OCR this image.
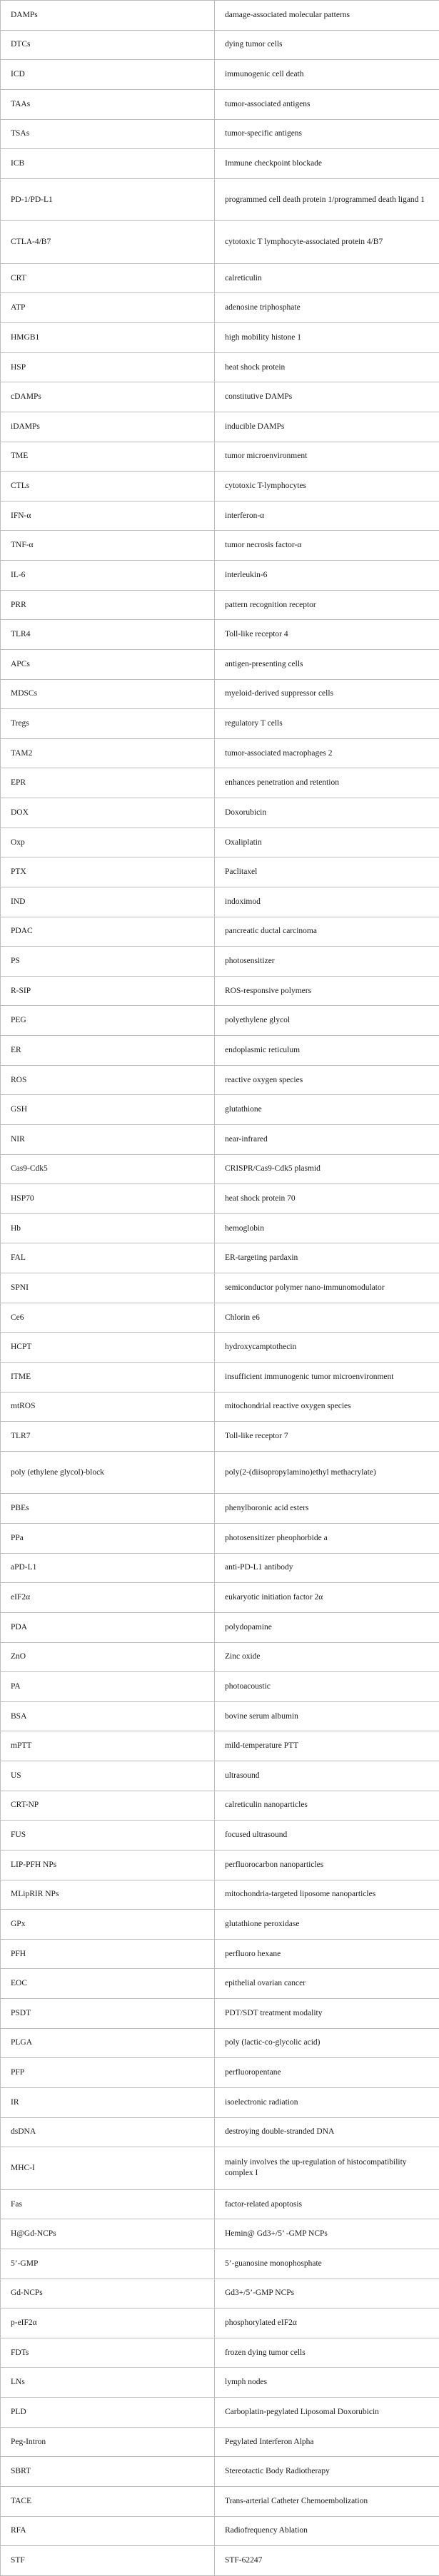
DAMPs	damage-associated molecular patterns
DTCs	dying tumor cells
ICD	immunogenic cell death
TAAs	tumor-associated antigens
TSAs	tumor-specific antigens
ICB	Immune checkpoint blockade
PD-1/PD-L1	programmed cell death protein 1/programmed death ligand 1
CTLA-4/B7	cytotoxic T lymphocyte-associated protein 4/B7
CRT	calreticulin
ATP	adenosine triphosphate
HMGB1	high mobility histone 1
HSP	heat shock protein
cDAMPs	constitutive DAMPs
iDAMPs	inducible DAMPs
TME	tumor microenvironment
CTLs	cytotoxic T-lymphocytes
IFN-α	interferon-α
TNF-α	tumor necrosis factor-α
IL-6	interleukin-6
PRR	pattern recognition receptor
TLR4	Toll-like receptor 4
APCs	antigen-presenting cells
MDSCs	myeloid-derived suppressor cells
Tregs	regulatory T cells
TAM2	tumor-associated macrophages 2
EPR	enhances penetration and retention
DOX	Doxorubicin
Oxp	Oxaliplatin
PTX	Paclitaxel
IND	indoximod
PDAC	pancreatic ductal carcinoma
PS	photosensitizer
R-SIP	ROS-responsive polymers
PEG	polyethylene glycol
ER	endoplasmic reticulum
ROS	reactive oxygen species
GSH	glutathione
NIR	near-infrared
Cas9-Cdk5	CRISPR/Cas9-Cdk5 plasmid
HSP70	heat shock protein 70
Hb	hemoglobin
FAL	ER-targeting pardaxin
SPNI	semiconductor polymer nano-immunomodulator
Ce6	Chlorin e6
HCPT	hydroxycamptothecin
ITME	insufficient immunogenic tumor microenvironment
mtROS	mitochondrial reactive oxygen species
TLR7	Toll-like receptor 7
poly (ethylene glycol)-block	poly(2-(diisopropylamino)ethyl methacrylate)
PBEs	phenylboronic acid esters
PPa	photosensitizer pheophorbide a
aPD-L1	anti-PD-L1 antibody
eIF2α	eukaryotic initiation factor 2α
PDA	polydopamine
ZnO	Zinc oxide
PA	photoacoustic
BSA	bovine serum albumin
mPTT	mild-temperature PTT
US	ultrasound
CRT-NP	calreticulin nanoparticles
FUS	focused ultrasound
LIP-PFH NPs	perfluorocarbon nanoparticles
MLipRIR NPs	mitochondria-targeted liposome nanoparticles
GPx	glutathione peroxidase
PFH	perfluoro hexane
EOC	epithelial ovarian cancer
PSDT	PDT/SDT treatment modality
PLGA	poly (lactic-co-glycolic acid)
PFP	perfluoropentane
IR	isoelectronic radiation
dsDNA	destroying double-stranded DNA
MHC-I	mainly involves the up-regulation of histocompatibility complex I
Fas	factor-related apoptosis
H@Gd-NCPs	Hemin@ Gd3+/5’ -GMP NCPs
5’-GMP	5’-guanosine monophosphate
Gd-NCPs	Gd3+/5’-GMP NCPs
p-eIF2α	phosphorylated eIF2α
FDTs	frozen dying tumor cells
LNs	lymph nodes
PLD	Carboplatin-pegylated Liposomal Doxorubicin
Peg-Intron	Pegylated Interferon Alpha
SBRT	Stereotactic Body Radiotherapy
TACE	Trans-arterial Catheter Chemoembolization
RFA	Radiofrequency Ablation
STF	STF-62247
